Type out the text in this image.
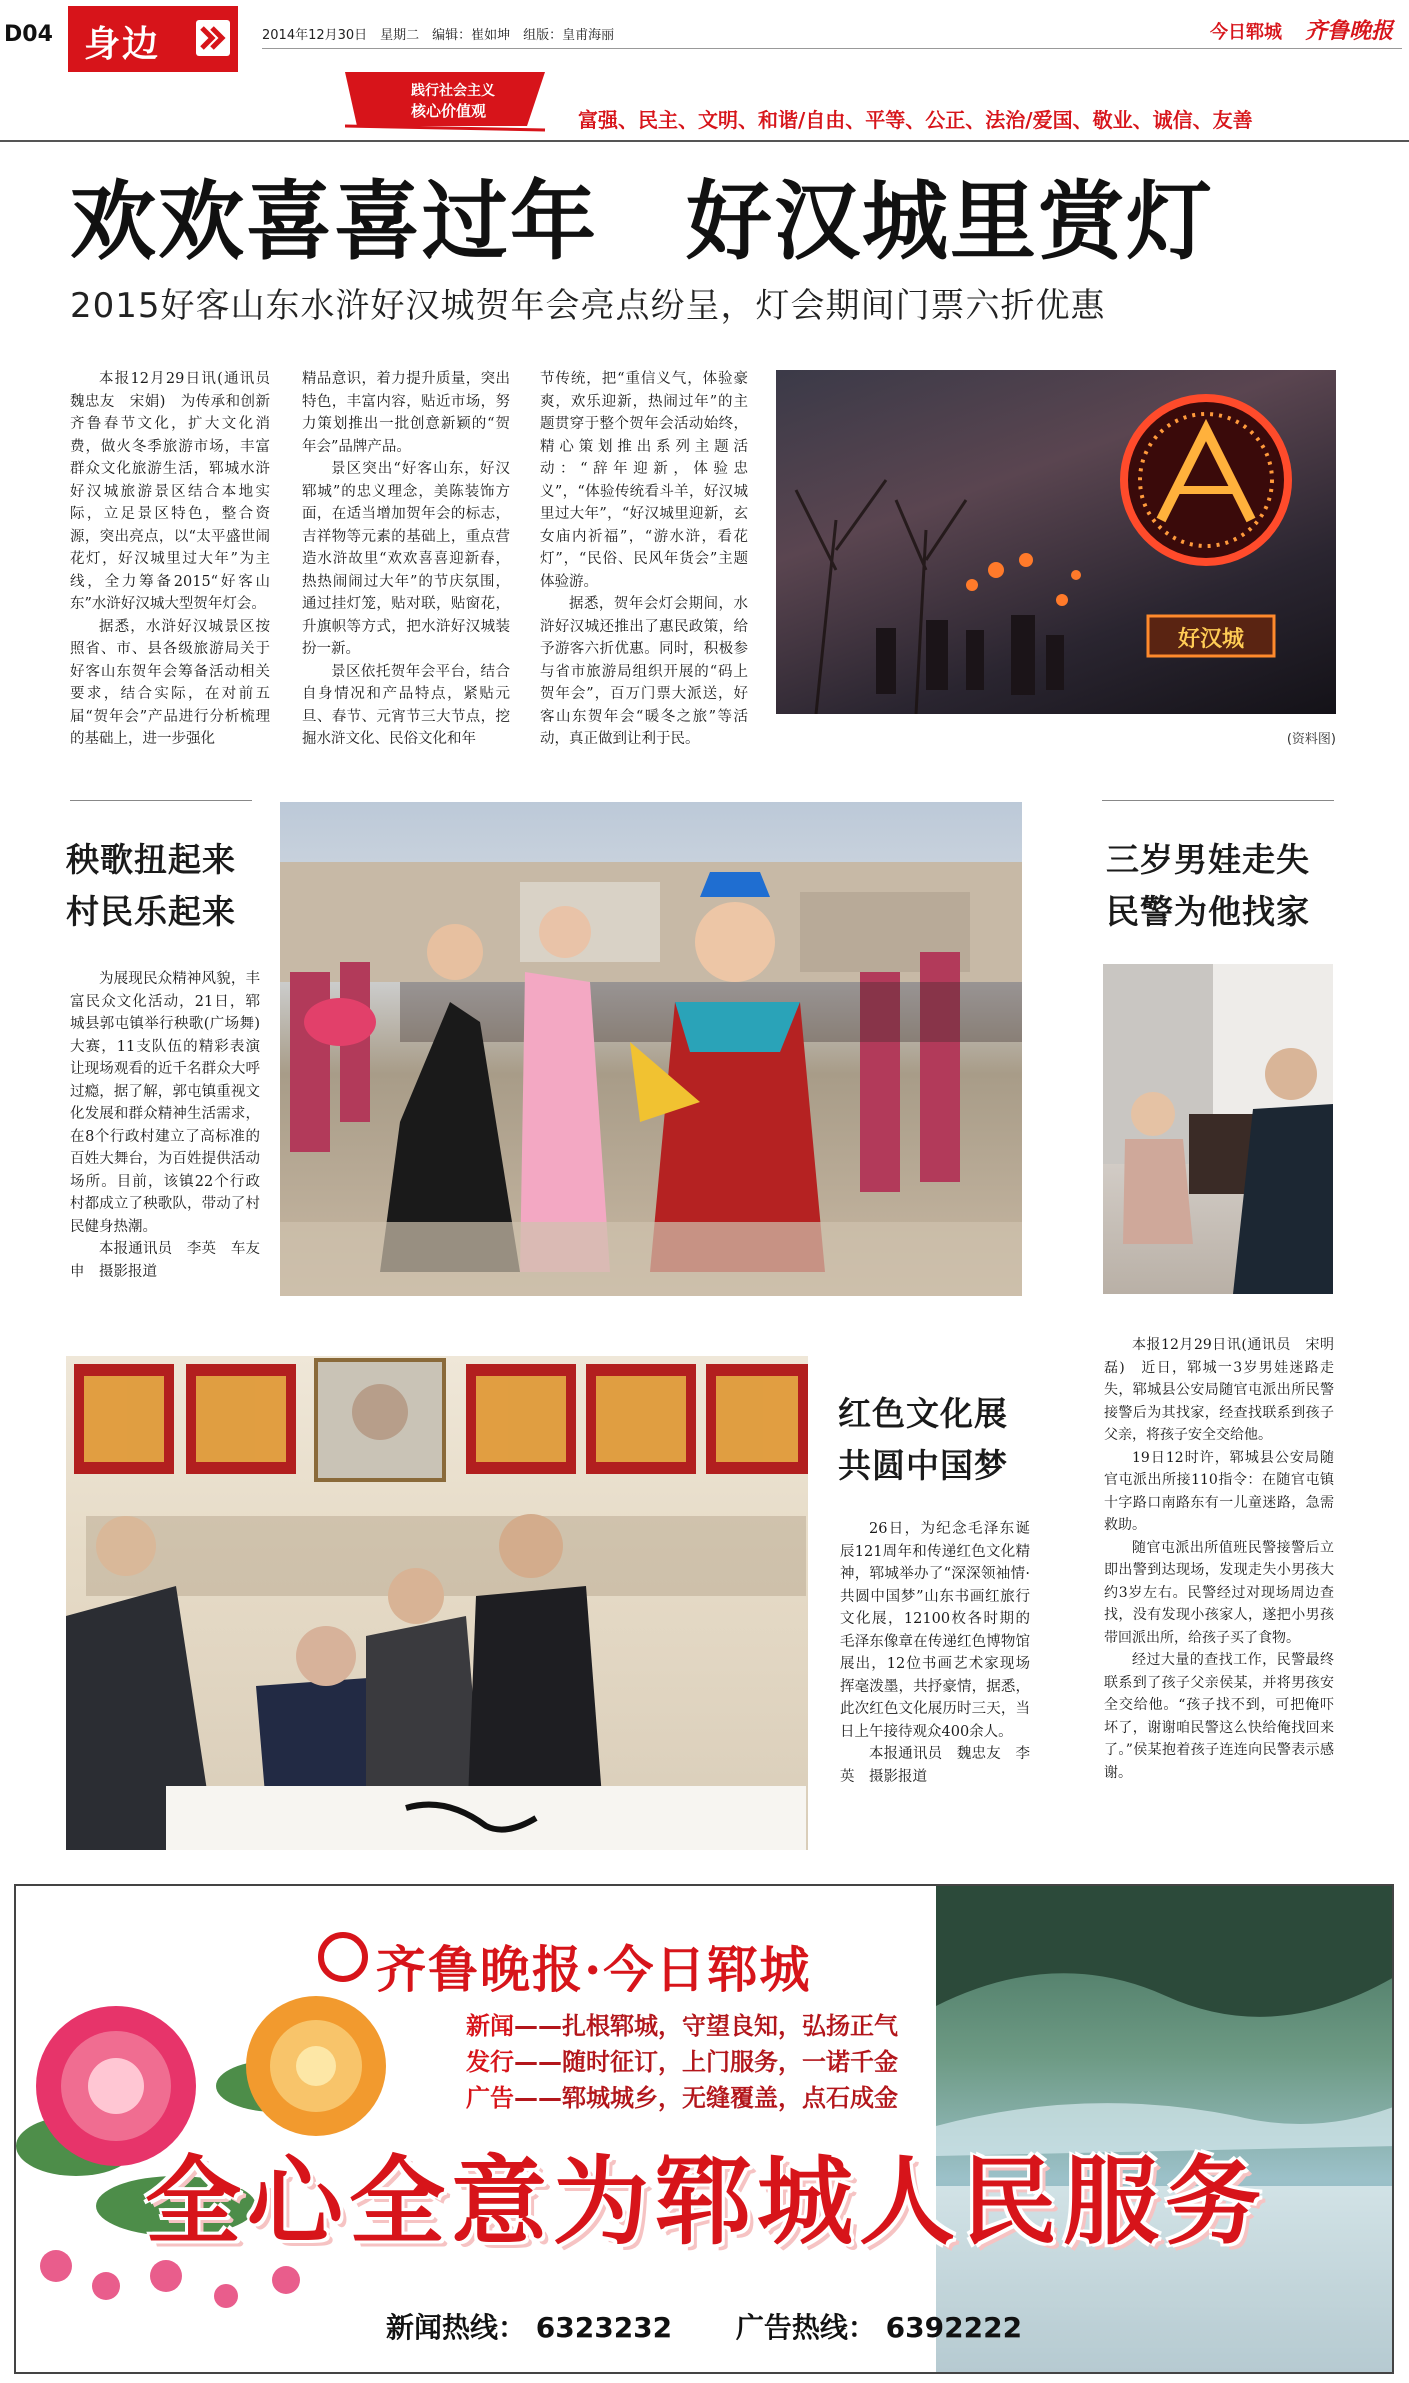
D04 身边	2014年12月30日　星期二　编辑：崔如坤　组版：皇甫海丽	今日郓城 齐鲁晚报
践行社会主义
核心价值观	富强、民主、文明、和谐/自由、平等、公正、法治/爱国、敬业、诚信、友善
欢欢喜喜过年　好汉城里赏灯
2015好客山东水浒好汉城贺年会亮点纷呈，灯会期间门票六折优惠

本报12月29日讯(通讯员　魏忠友　宋娟)　为传承和创新齐鲁春节文化，扩大文化消费，做火冬季旅游市场，丰富群众文化旅游生活，郓城水浒好汉城旅游景区结合本地实际，立足景区特色，整合资源，突出亮点，以“太平盛世闹花灯，好汉城里过大年”为主线，全力筹备2015“好客山东”水浒好汉城大型贺年灯会。

据悉，水浒好汉城景区按照省、市、县各级旅游局关于好客山东贺年会筹备活动相关要求，结合实际，在对前五届“贺年会”产品进行分析梳理的基础上，进一步强化

精品意识，着力提升质量，突出特色，丰富内容，贴近市场，努力策划推出一批创意新颖的“贺年会”品牌产品。

景区突出“好客山东，好汉郓城”的忠义理念，美陈装饰方面，在适当增加贺年会的标志，吉祥物等元素的基础上，重点营造水浒故里“欢欢喜喜迎新春，热热闹闹过大年”的节庆氛围，通过挂灯笼，贴对联，贴窗花，升旗帜等方式，把水浒好汉城装扮一新。

景区依托贺年会平台，结合自身情况和产品特点，紧贴元旦、春节、元宵节三大节点，挖掘水浒文化、民俗文化和年

节传统，把“重信义气，体验豪爽，欢乐迎新，热闹过年”的主题贯穿于整个贺年会活动始终，精心策划推出系列主题活动：“辞年迎新，体验忠义”，“体验传统看斗羊，好汉城里过大年”，“好汉城里迎新，玄女庙内祈福”，“游水浒，看花灯”，“民俗、民风年货会”主题体验游。

据悉，贺年会灯会期间，水浒好汉城还推出了惠民政策，给予游客六折优惠。同时，积极参与省市旅游局组织开展的“码上贺年会”，百万门票大派送，好客山东贺年会“暖冬之旅”等活动，真正做到让利于民。

好汉城
(资料图)
秧歌扭起来
村民乐起来

为展现民众精神风貌，丰富民众文化活动，21日，郓城县郭屯镇举行秧歌(广场舞)大赛，11支队伍的精彩表演让现场观看的近千名群众大呼过瘾，据了解，郭屯镇重视文化发展和群众精神生活需求，在8个行政村建立了高标准的百姓大舞台，为百姓提供活动场所。目前，该镇22个行政村都成立了秧歌队，带动了村民健身热潮。

本报通讯员　李英　车友申　摄影报道

三岁男娃走失
民警为他找家

本报12月29日讯(通讯员　宋明磊)　近日，郓城一3岁男娃迷路走失，郓城县公安局随官屯派出所民警接警后为其找家，经查找联系到孩子父亲，将孩子安全交给他。

19日12时许，郓城县公安局随官屯派出所接110指令：在随官屯镇十字路口南路东有一儿童迷路，急需救助。

随官屯派出所值班民警接警后立即出警到达现场，发现走失小男孩大约3岁左右。民警经过对现场周边查找，没有发现小孩家人，遂把小男孩带回派出所，给孩子买了食物。

经过大量的查找工作，民警最终联系到了孩子父亲侯某，并将男孩安全交给他。“孩子找不到，可把俺吓坏了，谢谢咱民警这么快给俺找回来了。”侯某抱着孩子连连向民警表示感谢。

红色文化展
共圆中国梦

26日，为纪念毛泽东诞辰121周年和传递红色文化精神，郓城举办了“深深领袖情·共圆中国梦”山东书画红旅行文化展，12100枚各时期的毛泽东像章在传递红色博物馆展出，12位书画艺术家现场挥毫泼墨，共抒豪情，据悉，此次红色文化展历时三天，当日上午接待观众400余人。

本报通讯员　魏忠友　李英　摄影报道

齐鲁晚报·今日郓城
新闻——扎根郓城，守望良知，弘扬正气
发行——随时征订，上门服务，一诺千金
广告——郓城城乡，无缝覆盖，点石成金
全心全意为郓城人民服务
新闻热线： 6323232 广告热线： 6392222
